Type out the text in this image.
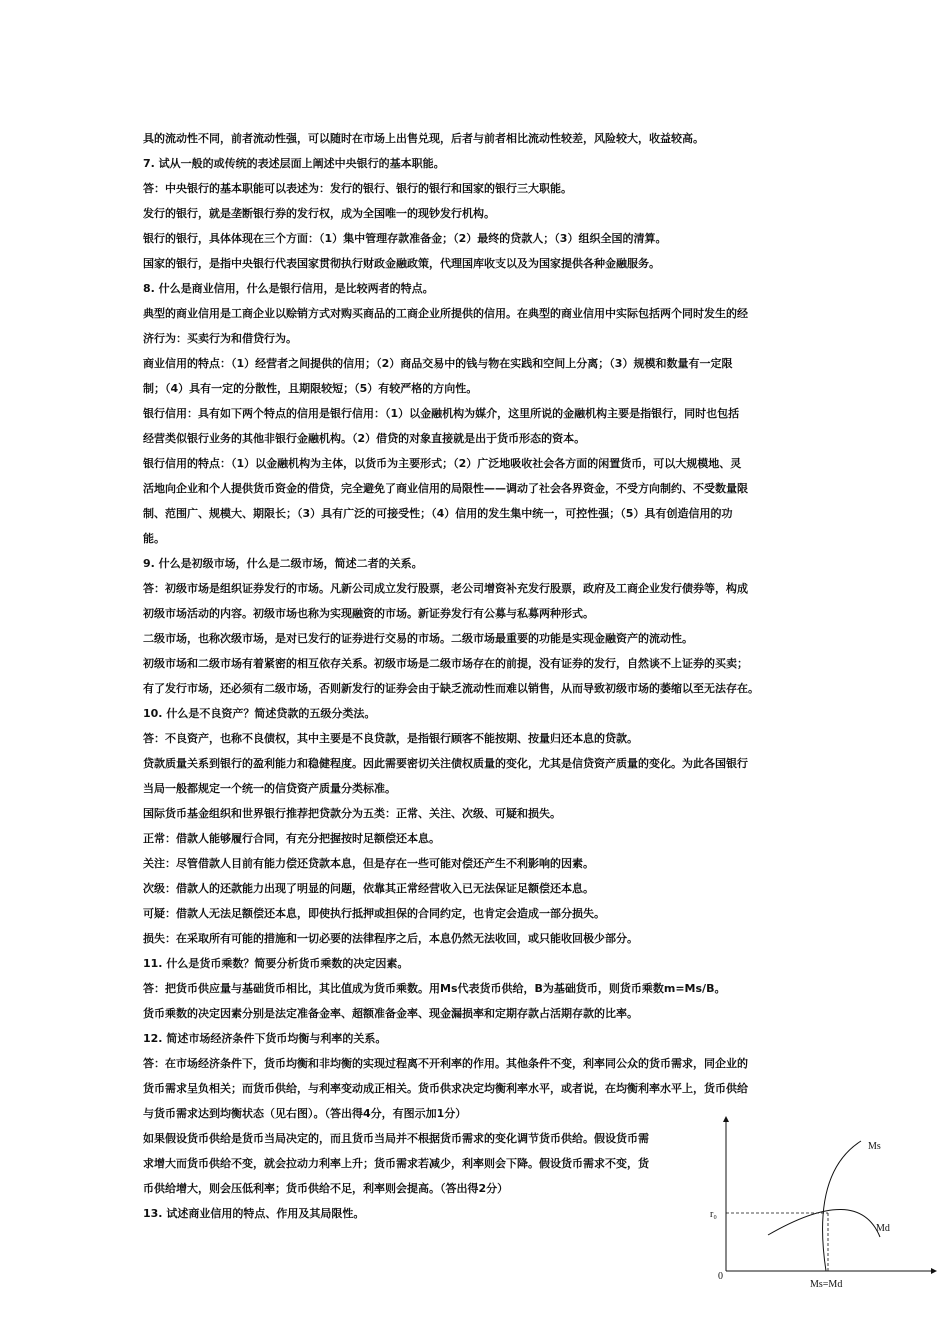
具的流动性不同，前者流动性强，可以随时在市场上出售兑现，后者与前者相比流动性较差，风险较大，收益较高。
7. 试从一般的或传统的表述层面上阐述中央银行的基本职能。
答：中央银行的基本职能可以表述为：发行的银行、银行的银行和国家的银行三大职能。
发行的银行，就是垄断银行券的发行权，成为全国唯一的现钞发行机构。
银行的银行，具体体现在三个方面：（1）集中管理存款准备金；（2）最终的贷款人；（3）组织全国的清算。
国家的银行，是指中央银行代表国家贯彻执行财政金融政策，代理国库收支以及为国家提供各种金融服务。
8. 什么是商业信用，什么是银行信用，是比较两者的特点。
典型的商业信用是工商企业以赊销方式对购买商品的工商企业所提供的信用。在典型的商业信用中实际包括两个同时发生的经
济行为：买卖行为和借贷行为。
商业信用的特点：（1）经营者之间提供的信用；（2）商品交易中的钱与物在实践和空间上分离；（3）规模和数量有一定限
制；（4）具有一定的分散性，且期限较短；（5）有较严格的方向性。
银行信用：具有如下两个特点的信用是银行信用：（1）以金融机构为媒介，这里所说的金融机构主要是指银行，同时也包括
经营类似银行业务的其他非银行金融机构。（2）借贷的对象直接就是出于货币形态的资本。
银行信用的特点：（1）以金融机构为主体，以货币为主要形式；（2）广泛地吸收社会各方面的闲置货币，可以大规模地、灵
活地向企业和个人提供货币资金的借贷，完全避免了商业信用的局限性——调动了社会各界资金，不受方向制约、不受数量限
制、范围广、规模大、期限长；（3）具有广泛的可接受性；（4）信用的发生集中统一，可控性强；（5）具有创造信用的功
能。
9. 什么是初级市场，什么是二级市场，简述二者的关系。
答：初级市场是组织证券发行的市场。凡新公司成立发行股票，老公司增资补充发行股票，政府及工商企业发行债券等，构成
初级市场活动的内容。初级市场也称为实现融资的市场。新证券发行有公募与私募两种形式。
二级市场，也称次级市场，是对已发行的证券进行交易的市场。二级市场最重要的功能是实现金融资产的流动性。
初级市场和二级市场有着紧密的相互依存关系。初级市场是二级市场存在的前提，没有证券的发行，自然谈不上证券的买卖；
有了发行市场，还必须有二级市场，否则新发行的证券会由于缺乏流动性而难以销售，从而导致初级市场的萎缩以至无法存在。
10. 什么是不良资产？简述贷款的五级分类法。
答：不良资产，也称不良债权，其中主要是不良贷款，是指银行顾客不能按期、按量归还本息的贷款。
贷款质量关系到银行的盈利能力和稳健程度。因此需要密切关注债权质量的变化，尤其是信贷资产质量的变化。为此各国银行
当局一般都规定一个统一的信贷资产质量分类标准。
国际货币基金组织和世界银行推荐把贷款分为五类：正常、关注、次级、可疑和损失。
正常：借款人能够履行合同，有充分把握按时足额偿还本息。
关注：尽管借款人目前有能力偿还贷款本息，但是存在一些可能对偿还产生不利影响的因素。
次级：借款人的还款能力出现了明显的问题，依靠其正常经营收入已无法保证足额偿还本息。
可疑：借款人无法足额偿还本息，即使执行抵押或担保的合同约定，也肯定会造成一部分损失。
损失：在采取所有可能的措施和一切必要的法律程序之后，本息仍然无法收回，或只能收回极少部分。
11. 什么是货币乘数？简要分析货币乘数的决定因素。
答：把货币供应量与基础货币相比，其比值成为货币乘数。用Ms代表货币供给，B为基础货币，则货币乘数m=Ms/B。
货币乘数的决定因素分别是法定准备金率、超额准备金率、现金漏损率和定期存款占活期存款的比率。
12. 简述市场经济条件下货币均衡与利率的关系。
答：在市场经济条件下，货币均衡和非均衡的实现过程离不开利率的作用。其他条件不变，利率同公众的货币需求，同企业的
货币需求呈负相关；而货币供给，与利率变动成正相关。货币供求决定均衡利率水平，或者说，在均衡利率水平上，货币供给
与货币需求达到均衡状态（见右图）。（答出得4分，有图示加1分）
如果假设货币供给是货币当局决定的，而且货币当局并不根据货币需求的变化调节货币供给。假设货币需
求增大而货币供给不变，就会拉动力利率上升；货币需求若减少，利率则会下降。假设货币需求不变，货
币供给增大，则会压低利率；货币供给不足，利率则会提高。（答出得2分）
13. 试述商业信用的特点、作用及其局限性。
Ms
Md
r₀
0
Ms=Md
